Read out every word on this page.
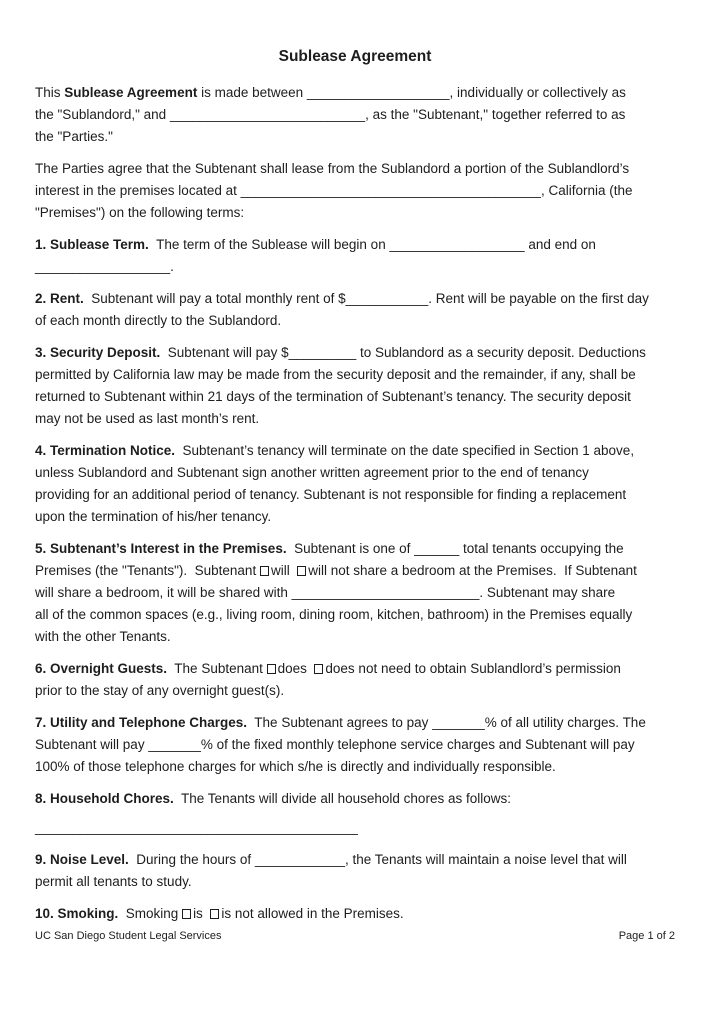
Sublease Agreement
This Sublease Agreement is made between ___________________, individually or collectively as
the "Sublandord," and __________________________, as the "Subtenant," together referred to as
the "Parties."
The Parties agree that the Subtenant shall lease from the Sublandord a portion of the Sublandlord’s
interest in the premises located at ________________________________________, California (the
"Premises") on the following terms:
1. Sublease Term.  The term of the Sublease will begin on __________________ and end on
__________________.
2. Rent.  Subtenant will pay a total monthly rent of $___________. Rent will be payable on the first day
of each month directly to the Sublandord.
3. Security Deposit.  Subtenant will pay $_________ to Sublandord as a security deposit. Deductions
permitted by California law may be made from the security deposit and the remainder, if any, shall be
returned to Subtenant within 21 days of the termination of Subtenant’s tenancy. The security deposit
may not be used as last month’s rent.
4. Termination Notice.  Subtenant’s tenancy will terminate on the date specified in Section 1 above,
unless Sublandord and Subtenant sign another written agreement prior to the end of tenancy
providing for an additional period of tenancy. Subtenant is not responsible for finding a replacement
upon the termination of his/her tenancy.
5. Subtenant’s Interest in the Premises.  Subtenant is one of ______ total tenants occupying the
Premises (the "Tenants").  Subtenant will  will not share a bedroom at the Premises.  If Subtenant
will share a bedroom, it will be shared with _________________________. Subtenant may share
all of the common spaces (e.g., living room, dining room, kitchen, bathroom) in the Premises equally
with the other Tenants.
6. Overnight Guests.  The Subtenant does  does not need to obtain Sublandlord’s permission
prior to the stay of any overnight guest(s).
7. Utility and Telephone Charges.  The Subtenant agrees to pay _______% of all utility charges. The
Subtenant will pay _______% of the fixed monthly telephone service charges and Subtenant will pay
100% of those telephone charges for which s/he is directly and individually responsible.
8. Household Chores.  The Tenants will divide all household chores as follows:
___________________________________________
9. Noise Level.  During the hours of ____________, the Tenants will maintain a noise level that will
permit all tenants to study.
10. Smoking.  Smoking is  is not allowed in the Premises.
UC San Diego Student Legal Services	Page 1 of 2
